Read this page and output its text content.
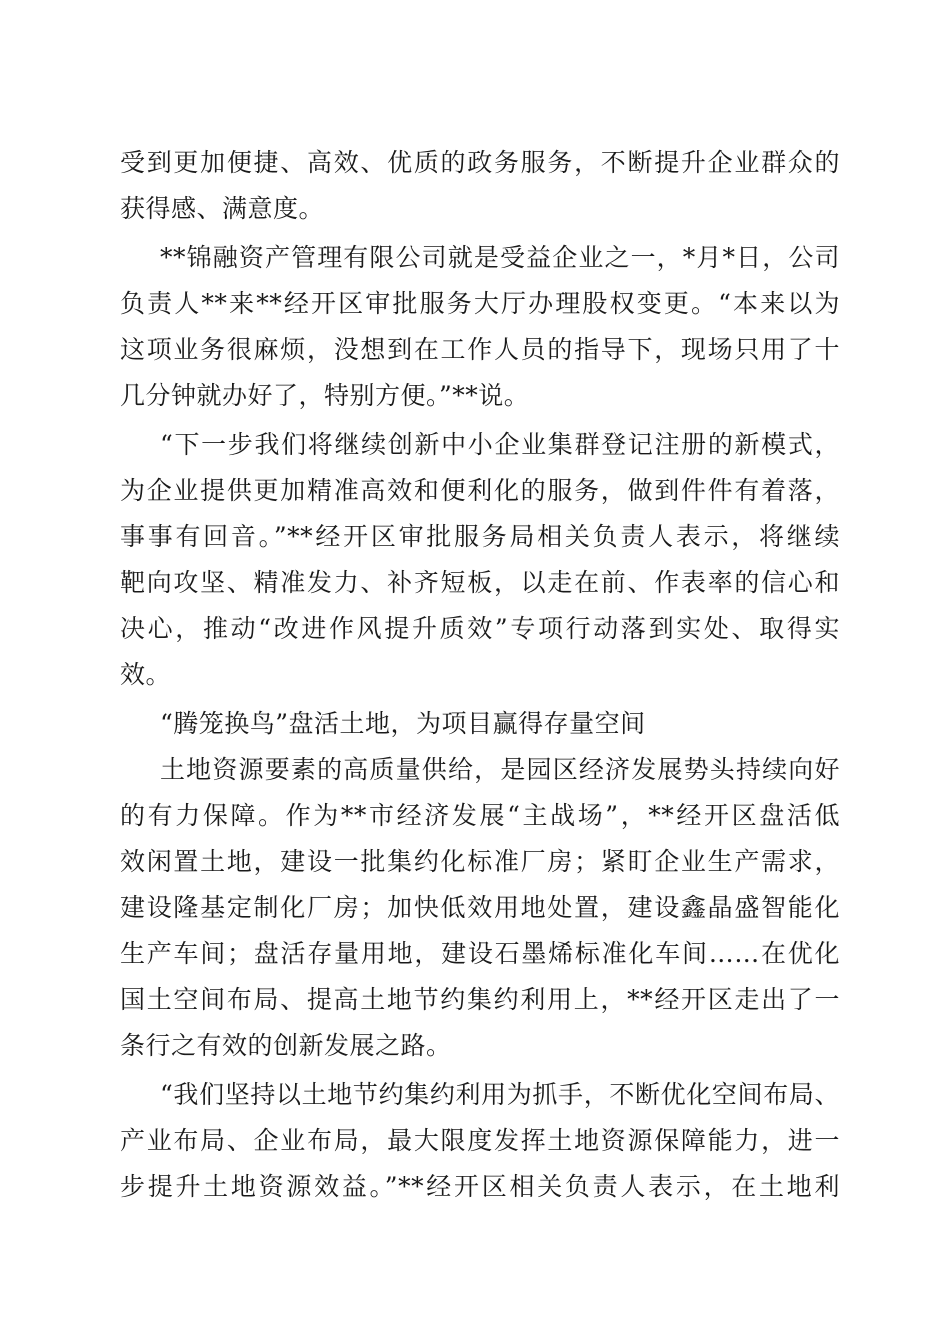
受到更加便捷、高效、优质的政务服务，不断提升企业群众的
获得感、满意度。
**锦融资产管理有限公司就是受益企业之一，*月*日，公司
负责人**来**经开区审批服务大厅办理股权变更。“本来以为
这项业务很麻烦，没想到在工作人员的指导下，现场只用了十
几分钟就办好了，特别方便。”**说。
“下一步我们将继续创新中小企业集群登记注册的新模式，
为企业提供更加精准高效和便利化的服务，做到件件有着落，
事事有回音。”**经开区审批服务局相关负责人表示，将继续
靶向攻坚、精准发力、补齐短板，以走在前、作表率的信心和
决心，推动“改进作风提升质效”专项行动落到实处、取得实
效。
“腾笼换鸟”盘活土地，为项目赢得存量空间
土地资源要素的高质量供给，是园区经济发展势头持续向好
的有力保障。作为**市经济发展“主战场”，**经开区盘活低
效闲置土地，建设一批集约化标准厂房；紧盯企业生产需求，
建设隆基定制化厂房；加快低效用地处置，建设鑫晶盛智能化
生产车间；盘活存量用地，建设石墨烯标准化车间……在优化
国土空间布局、提高土地节约集约利用上，**经开区走出了一
条行之有效的创新发展之路。
“我们坚持以土地节约集约利用为抓手，不断优化空间布局、
产业布局、企业布局，最大限度发挥土地资源保障能力，进一
步提升土地资源效益。”**经开区相关负责人表示，在土地利
